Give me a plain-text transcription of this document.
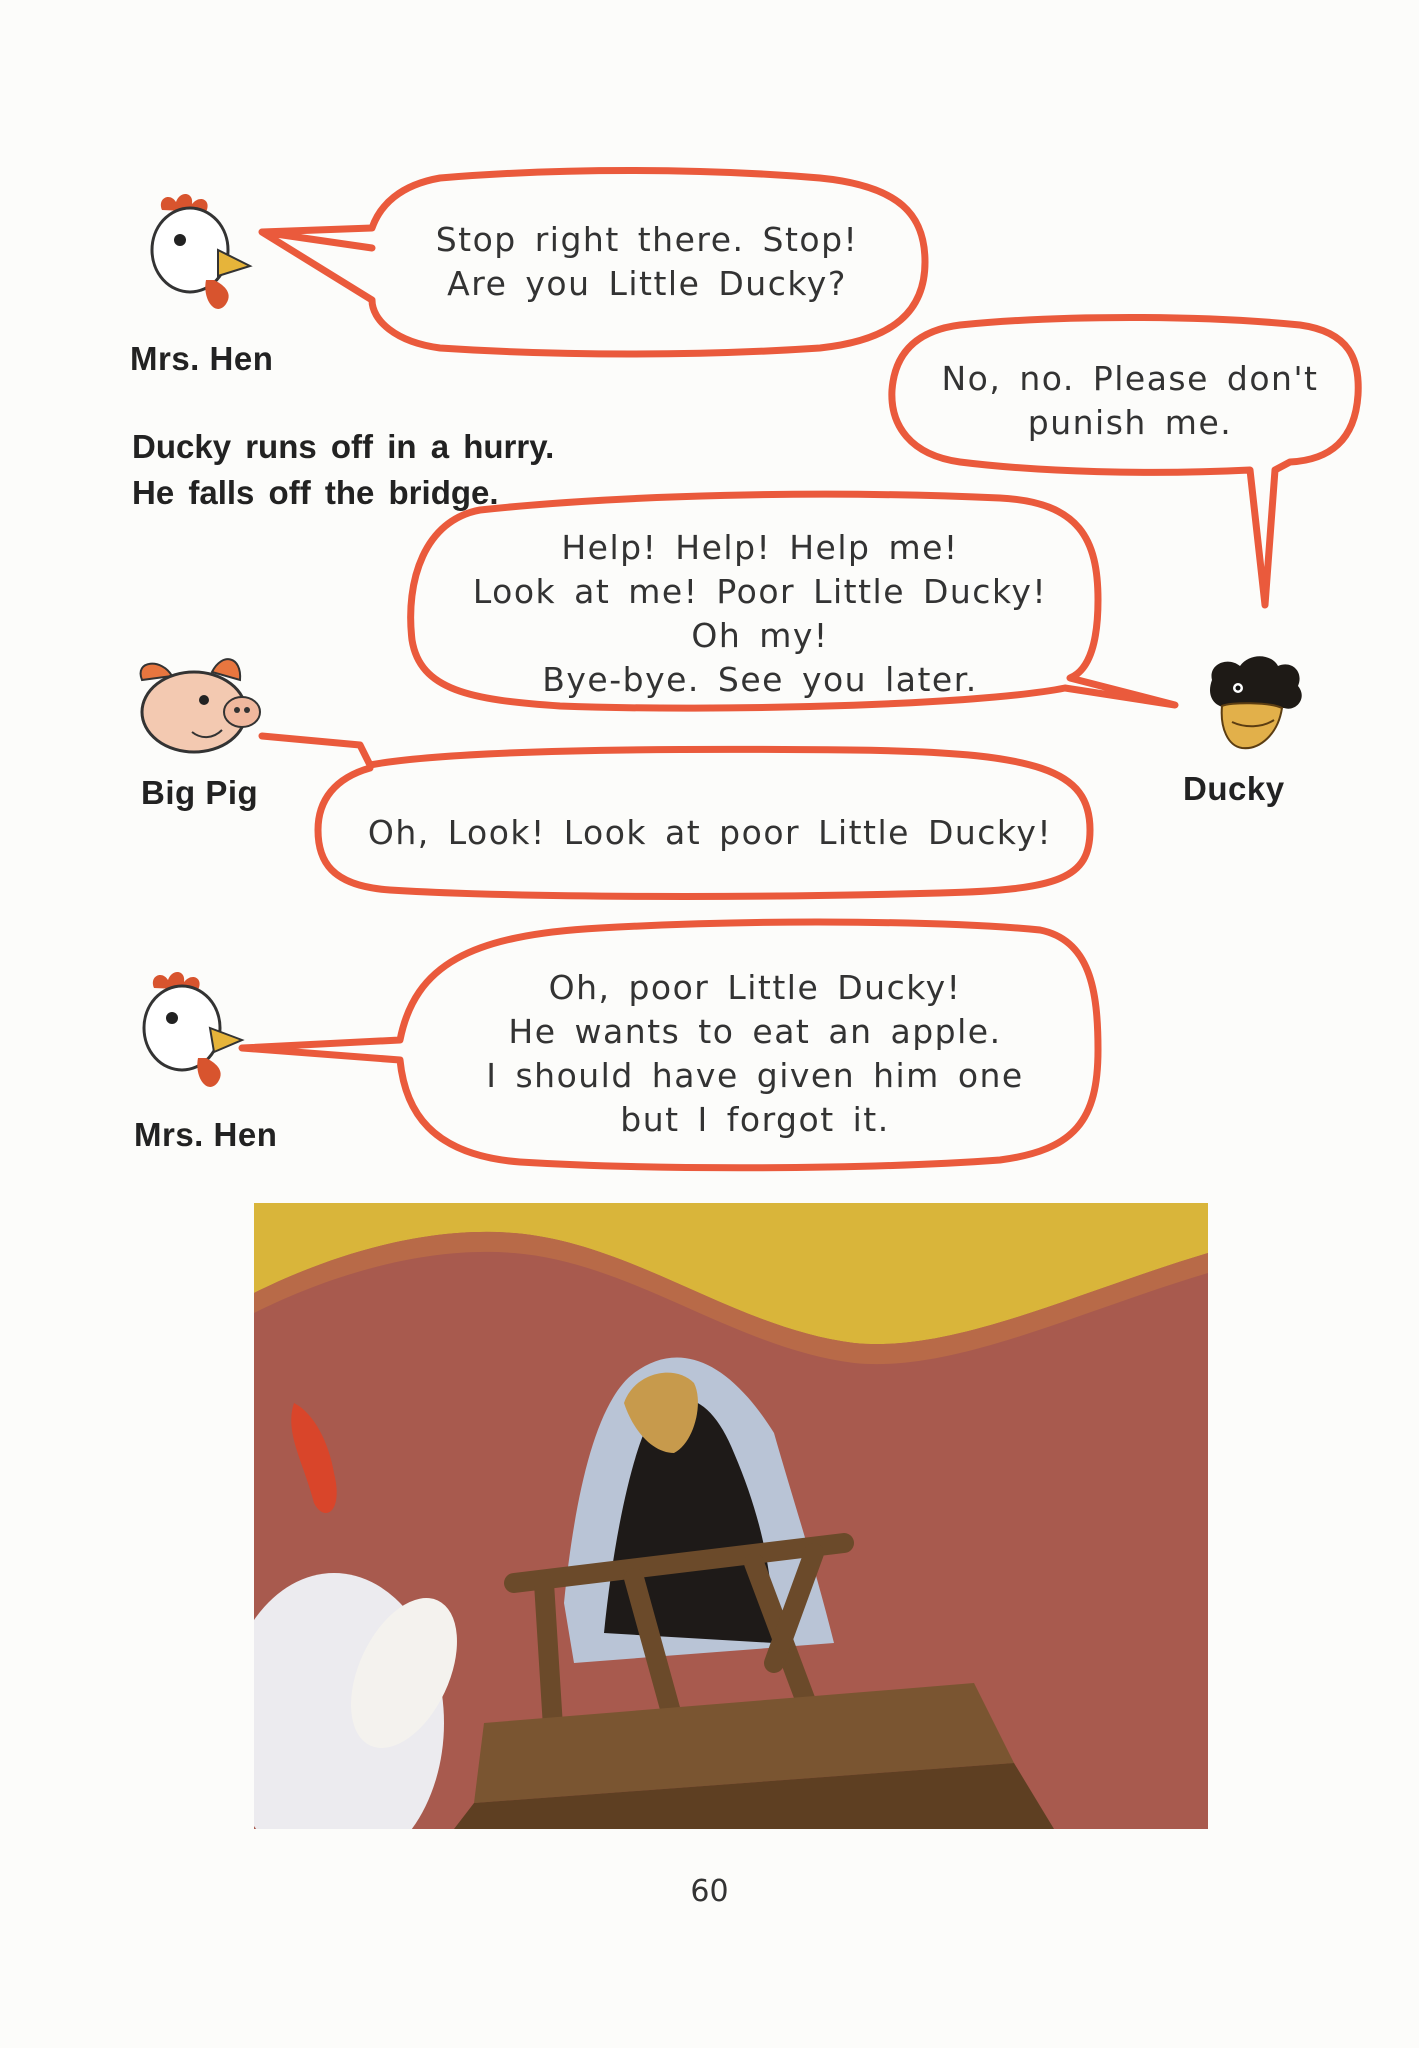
Mrs. Hen
Stop right there. Stop!
Are you Little Ducky?
No, no. Please don't
punish me.
Ducky runs off in a hurry.
He falls off the bridge.
Help! Help! Help me!
Look at me! Poor Little Ducky!
Oh my!
Bye-bye. See you later.
Big Pig	Ducky
Oh, Look! Look at poor Little Ducky!
Mrs. Hen
Oh, poor Little Ducky!
He wants to eat an apple.
I should have given him one
but I forgot it.
60
